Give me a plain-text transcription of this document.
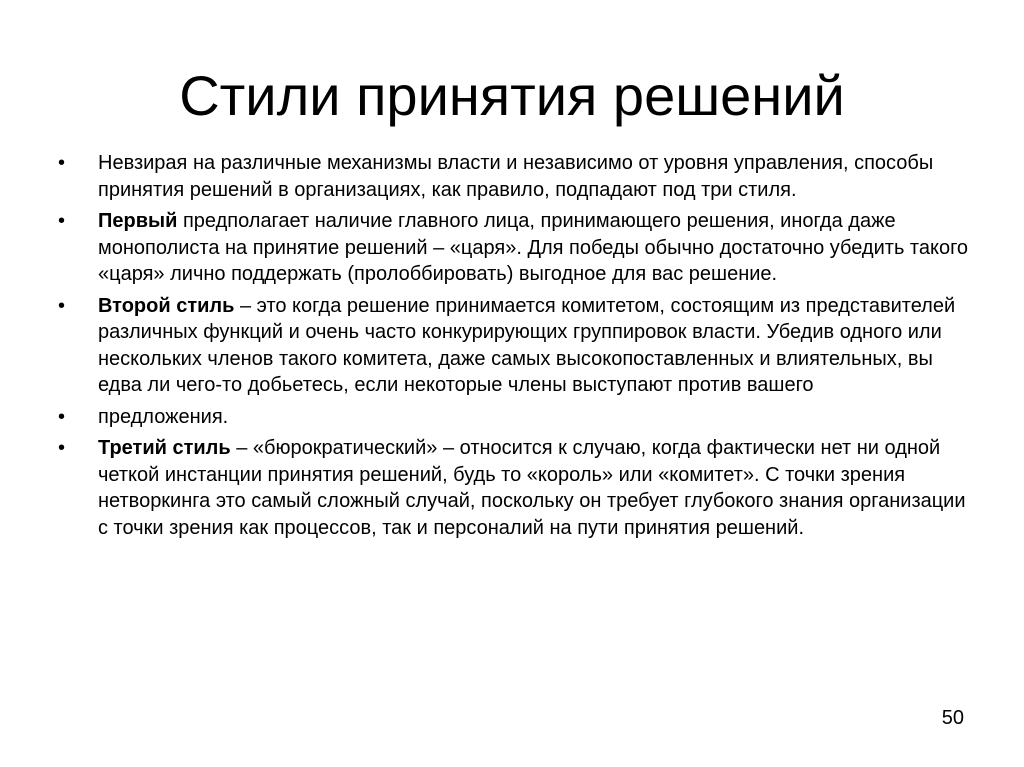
Стили принятия решений
•	Невзирая на различные механизмы власти и независимо от уровня управления, способы принятия решений в организациях, как правило, подпадают под три стиля.
•	Первый предполагает наличие главного лица, принимающего решения, иногда даже монополиста на принятие решений – «царя». Для победы обычно достаточно убедить такого «царя» лично поддержать (пролоббировать) выгодное для вас решение.
•	Второй стиль – это когда решение принимается комитетом, состоящим из представителей различных функций и очень часто конкурирующих группировок власти. Убедив одного или нескольких членов такого комитета, даже самых высокопоставленных и влиятельных, вы едва ли чего-то добьетесь, если некоторые члены выступают против вашего
•	предложения.
•	Третий стиль – «бюрократический» – относится к случаю, когда фактически нет ни одной четкой инстанции принятия решений, будь то «король» или «комитет». С точки зрения нетворкинга это самый сложный случай, поскольку он требует глубокого знания организации с точки зрения как процессов, так и персоналий на пути принятия решений.
50
